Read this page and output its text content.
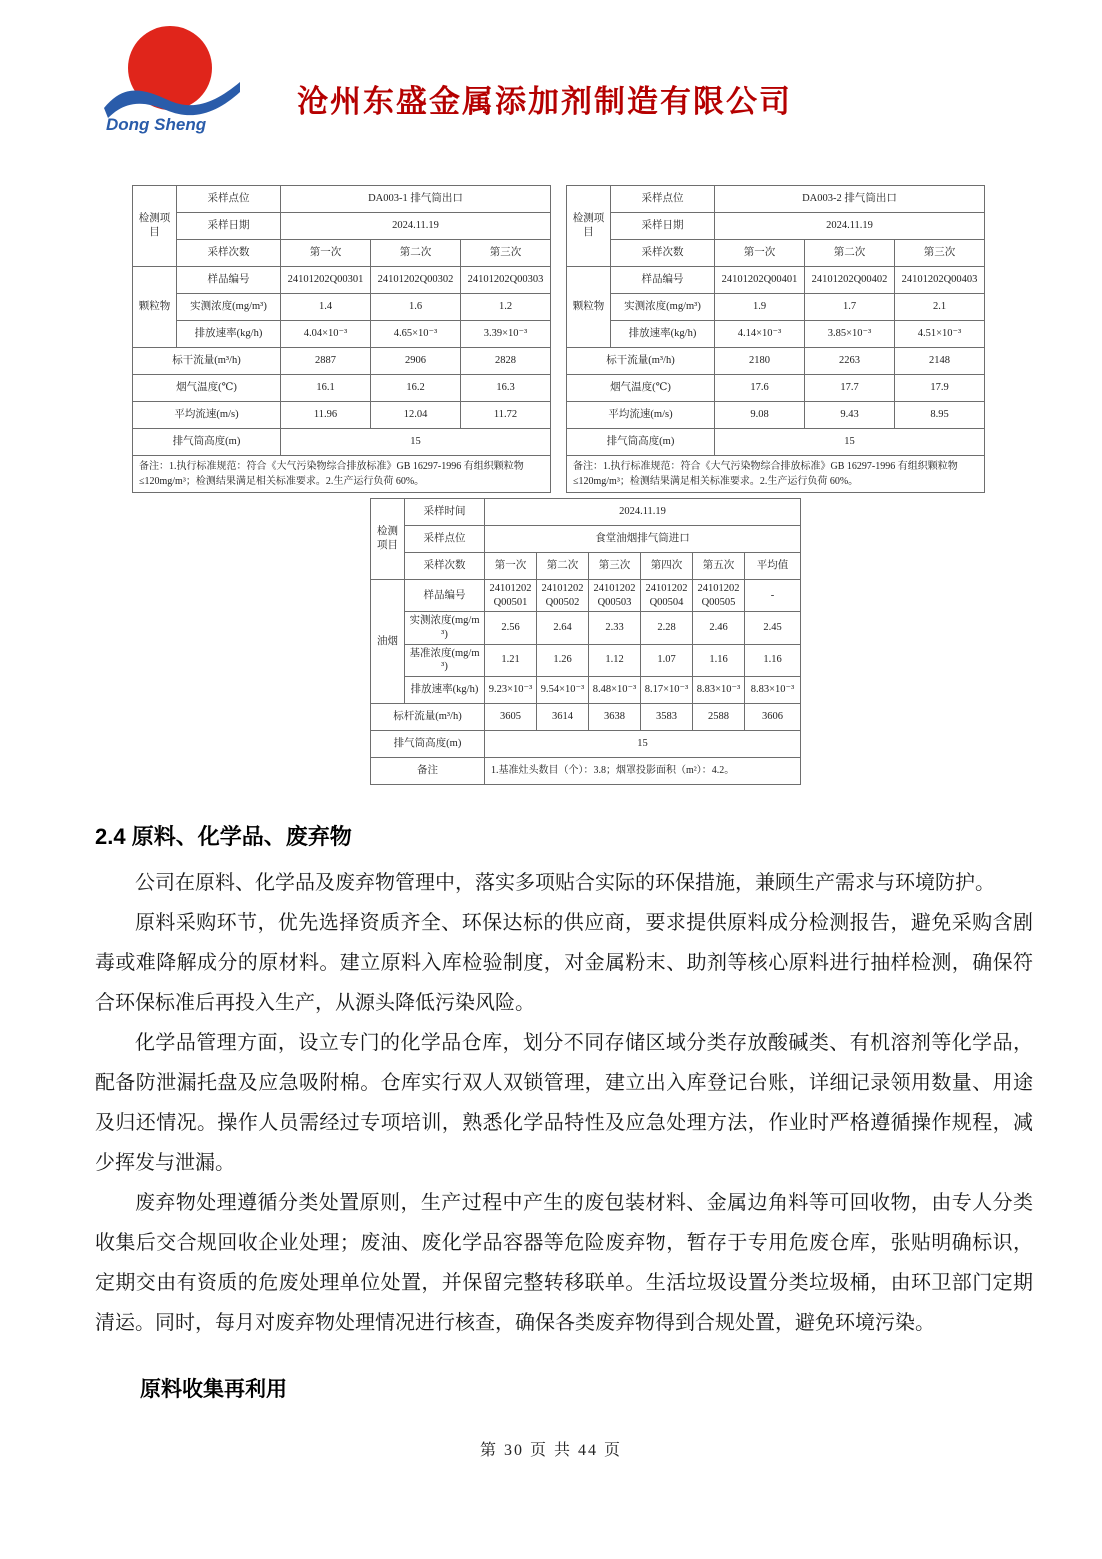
Dong Sheng
沧州东盛金属添加剂制造有限公司
检测项目	采样点位	DA003-1 排气筒出口		
	采样日期	2024.11.19		
	采样次数	第一次	第二次	第三次
颗粒物	样品编号	24101202Q00301	24101202Q00302	24101202Q00303
	实测浓度(mg/m³)	1.4	1.6	1.2
	排放速率(kg/h)	4.04×10⁻³	4.65×10⁻³	3.39×10⁻³
标干流量(m³/h)		2887	2906	2828
烟气温度(℃)		16.1	16.2	16.3
平均流速(m/s)		11.96	12.04	11.72
排气筒高度(m)		15		
备注：1.执行标准规范：符合《大气污染物综合排放标准》GB 16297-1996 有组织颗粒物≤120mg/m³；检测结果满足相关标准要求。2.生产运行负荷 60%。				
检测项目	采样点位	DA003-2 排气筒出口		
	采样日期	2024.11.19		
	采样次数	第一次	第二次	第三次
颗粒物	样品编号	24101202Q00401	24101202Q00402	24101202Q00403
	实测浓度(mg/m³)	1.9	1.7	2.1
	排放速率(kg/h)	4.14×10⁻³	3.85×10⁻³	4.51×10⁻³
标干流量(m³/h)		2180	2263	2148
烟气温度(℃)		17.6	17.7	17.9
平均流速(m/s)		9.08	9.43	8.95
排气筒高度(m)		15		
备注：1.执行标准规范：符合《大气污染物综合排放标准》GB 16297-1996 有组织颗粒物≤120mg/m³；检测结果满足相关标准要求。2.生产运行负荷 60%。				
检测项目	采样时间	2024.11.19					
	采样点位	食堂油烟排气筒进口					
	采样次数	第一次	第二次	第三次	第四次	第五次	平均值
油烟	样品编号	24101202Q00501	24101202Q00502	24101202Q00503	24101202Q00504	24101202Q00505	-
	实测浓度(mg/m³)	2.56	2.64	2.33	2.28	2.46	2.45
	基准浓度(mg/m³)	1.21	1.26	1.12	1.07	1.16	1.16
	排放速率(kg/h)	9.23×10⁻³	9.54×10⁻³	8.48×10⁻³	8.17×10⁻³	8.83×10⁻³	8.83×10⁻³
标杆流量(m³/h)		3605	3614	3638	3583	2588	3606
排气筒高度(m)		15					
备注		1.基准灶头数目（个）：3.8；烟罩投影面积（m²）：4.2。					
2.4 原料、化学品、废弃物

公司在原料、化学品及废弃物管理中，落实多项贴合实际的环保措施，兼顾生产需求与环境防护。

原料采购环节，优先选择资质齐全、环保达标的供应商，要求提供原料成分检测报告，避免采购含剧毒或难降解成分的原材料。建立原料入库检验制度，对金属粉末、助剂等核心原料进行抽样检测，确保符合环保标准后再投入生产，从源头降低污染风险。

化学品管理方面，设立专门的化学品仓库，划分不同存储区域分类存放酸碱类、有机溶剂等化学品，配备防泄漏托盘及应急吸附棉。仓库实行双人双锁管理，建立出入库登记台账，详细记录领用数量、用途及归还情况。操作人员需经过专项培训，熟悉化学品特性及应急处理方法，作业时严格遵循操作规程，减少挥发与泄漏。

废弃物处理遵循分类处置原则，生产过程中产生的废包装材料、金属边角料等可回收物，由专人分类收集后交合规回收企业处理；废油、废化学品容器等危险废弃物，暂存于专用危废仓库，张贴明确标识，定期交由有资质的危废处理单位处置，并保留完整转移联单。生活垃圾设置分类垃圾桶，由环卫部门定期清运。同时，每月对废弃物处理情况进行核查，确保各类废弃物得到合规处置，避免环境污染。

原料收集再利用
第 30 页 共 44 页
